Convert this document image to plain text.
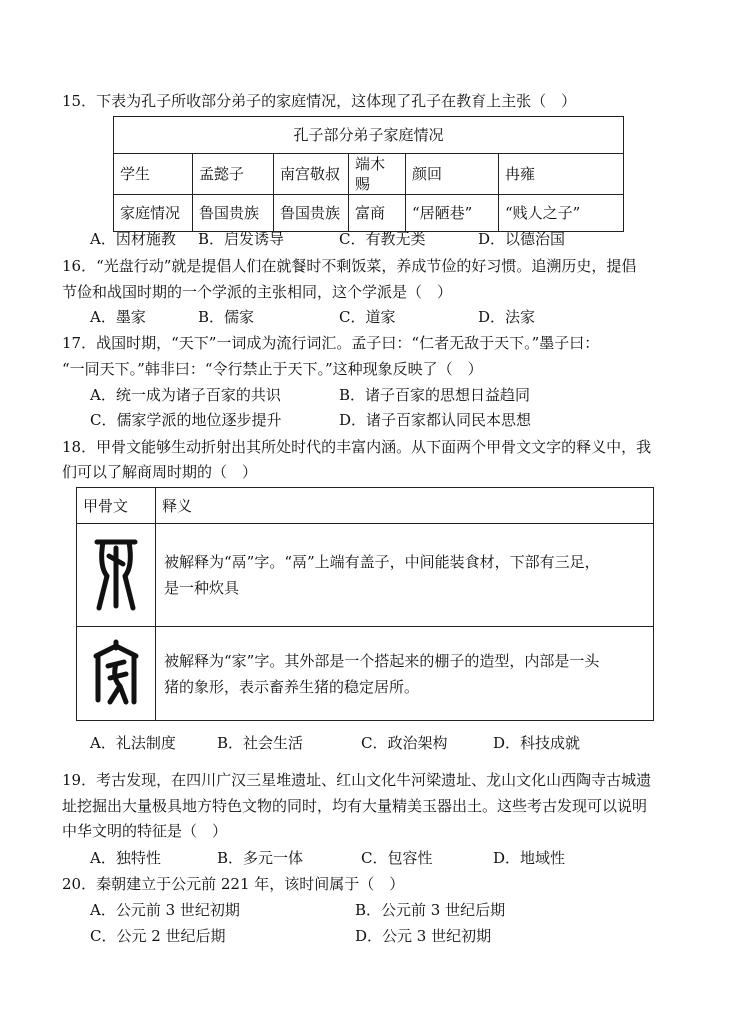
15．下表为孔子所收部分弟子的家庭情况，这体现了孔子在教育上主张（　）
孔子部分弟子家庭情况					
学生	孟懿子	南宫敬叔	端木赐	颜回	冉雍
家庭情况	鲁国贵族	鲁国贵族	富商	“居陋巷”	“贱人之子”
A．因材施教 B．启发诱导	C．有教无类	D．以德治国
16．“光盘行动”就是提倡人们在就餐时不剩饭菜，养成节俭的好习惯。追溯历史，提倡
节俭和战国时期的一个学派的主张相同，这个学派是（　）
A．墨家	B．儒家	C．道家	D．法家
17．战国时期，“天下”一词成为流行词汇。孟子曰：“仁者无敌于天下。”墨子曰：
“一同天下。”韩非曰：“令行禁止于天下。”这种现象反映了（　）
A．统一成为诸子百家的共识	B．诸子百家的思想日益趋同
C．儒家学派的地位逐步提升	D．诸子百家都认同民本思想
18．甲骨文能够生动折射出其所处时代的丰富内涵。从下面两个甲骨文文字的释义中，我
们可以了解商周时期的（　）
甲骨文	释义

被解释为“鬲”字。“鬲”上端有盖子，中间能装食材，下部有三足，
是一种炊具

被解释为“家”字。其外部是一个搭起来的棚子的造型，内部是一头
猪的象形，表示畜养生猪的稳定居所。
A．礼法制度	B．社会生活	C．政治架构	D．科技成就
19．考古发现，在四川广汉三星堆遗址、红山文化牛河梁遗址、龙山文化山西陶寺古城遗
址挖掘出大量极具地方特色文物的同时，均有大量精美玉器出土。这些考古发现可以说明
中华文明的特征是（　）
A．独特性	B．多元一体	C．包容性	D．地域性
20．秦朝建立于公元前 221 年，该时间属于（　）
A．公元前 3 世纪初期	B．公元前 3 世纪后期
C．公元 2 世纪后期	D．公元 3 世纪初期
